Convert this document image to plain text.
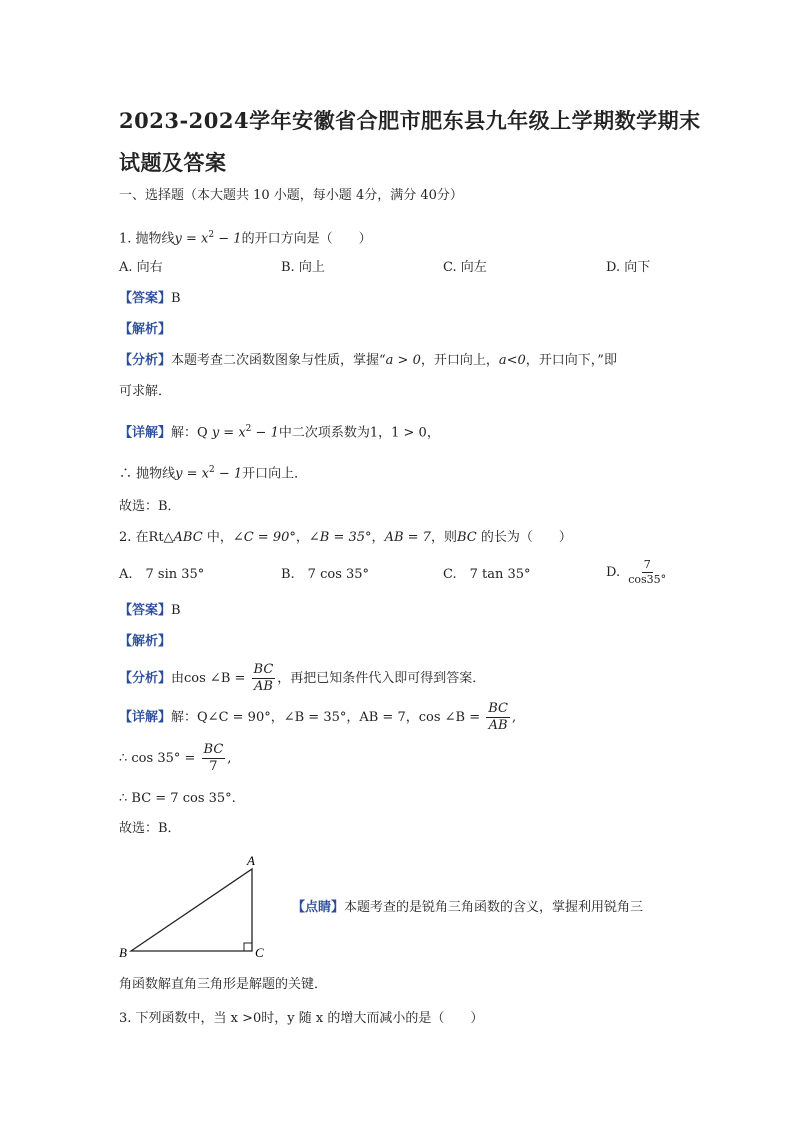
2023-2024学年安徽省合肥市肥东县九年级上学期数学期末
试题及答案
一、选择题（本大题共 10 小题，每小题 4分，满分 40分）
1. 抛物线$y = x^2 - 1$的开口方向是（　　）
A. 向右	B. 向上	C. 向左	D. 向下
【答案】B
【解析】
【分析】本题考查二次函数图象与性质，掌握“a > 0，开口向上，a<0，开口向下，”即
可求解．
【详解】解：Q $y = x^2 - 1$中二次项系数为1，1 > 0，
∴ 抛物线$y = x^2 - 1$开口向上．
故选：B．
2. 在Rt△ABC 中，∠C = 90°，∠B = 35°，AB = 7，则BC 的长为（　　）
A.　7 sin 35°	B.　7 cos 35°	C.　7 tan 35°	D. $\frac{7}{\cos 35^\circ}$
【答案】B
【解析】
【分析】由cos ∠B = $\frac{BC}{AB}$ ，再把已知条件代入即可得到答案．
【详解】解：Q∠C = 90°，∠B = 35°，AB = 7，cos ∠B = $\frac{BC}{AB}$ ,
∴ $\cos 35^\circ = \frac{BC}{7}$ ,
∴ BC = 7 cos 35°.
故选：B．
A
B	C
【点睛】本题考查的是锐角三角函数的含义，掌握利用锐角三
角函数解直角三角形是解题的关键．
3. 下列函数中，当 x >0时，y 随 x 的增大而减小的是（　　）
